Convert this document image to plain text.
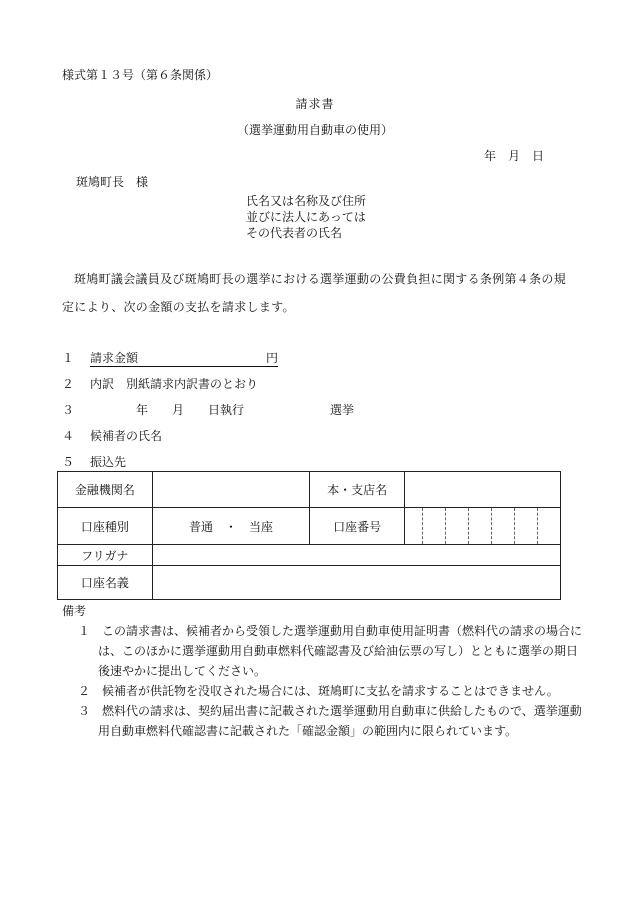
様式第１３号（第６条関係）
請求書
（選挙運動用自動車の使用）
年　月　日
斑鳩町長　様
氏名又は名称及び住所
並びに法人にあっては
その代表者の氏名
斑鳩町議会議員及び斑鳩町長の選挙における選挙運動の公費負担に関する条例第４条の規定により、次の金額の支払を請求します。
１ 請求金額	円
２ 内訳　別紙請求内訳書のとおり
３	年　　月　　日執行	選挙
４ 候補者の氏名
５ 振込先
金融機関名		本・支店名	
口座種別	普通　・　当座	口座番号	

フリガナ			
口座名義			
備考
１　この請求書は、候補者から受領した選挙運動用自動車使用証明書（燃料代の請求の場合には、このほかに選挙運動用自動車燃料代確認書及び給油伝票の写し）とともに選挙の期日後速やかに提出してください。
２　候補者が供託物を没収された場合には、斑鳩町に支払を請求することはできません。
３　燃料代の請求は、契約届出書に記載された選挙運動用自動車に供給したもので、選挙運動用自動車燃料代確認書に記載された「確認金額」の範囲内に限られています。
